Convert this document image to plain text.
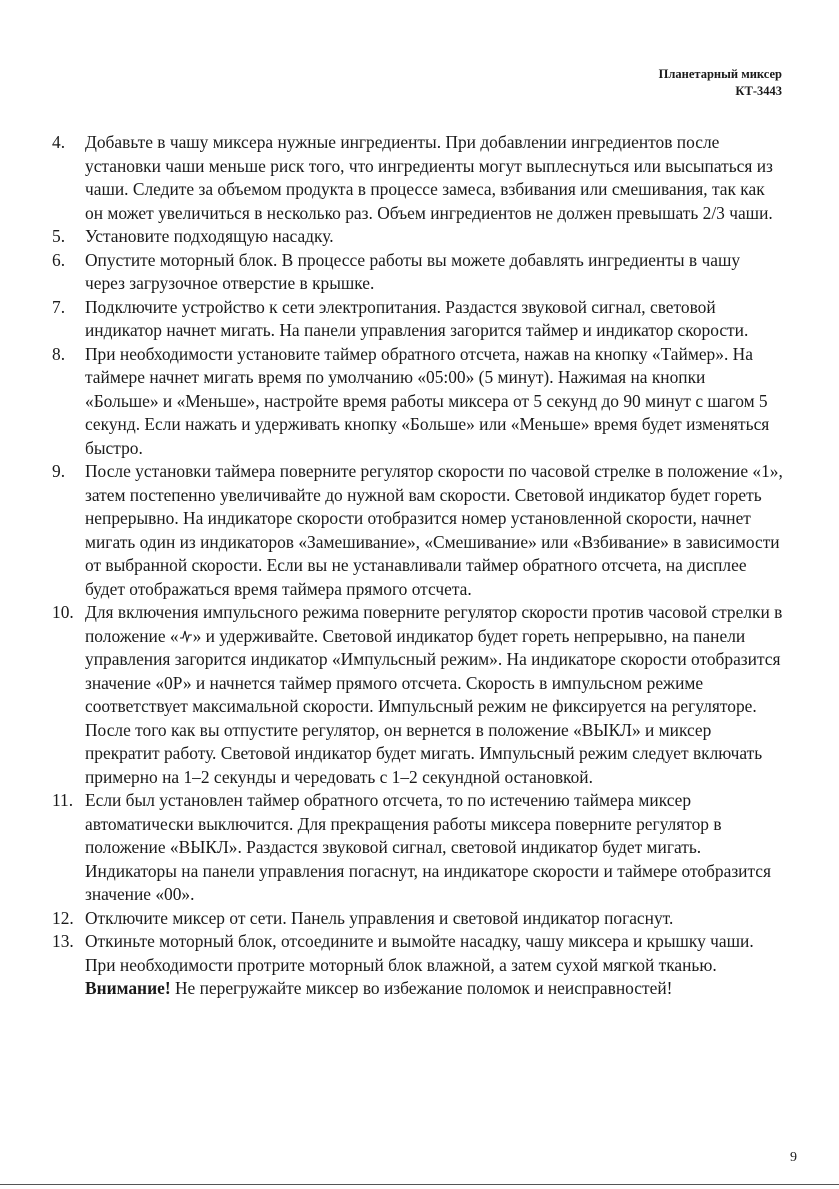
Планетарный миксер
КТ-3443
4.	Добавьте в чашу миксера нужные ингредиенты. При добавлении ингредиентов после установки чаши меньше риск того, что ингредиенты могут выплеснуться или высыпаться из чаши. Следите за объемом продукта в процессе замеса, взбивания или смешивания, так как он может увеличиться в несколько раз. Объем ингредиентов не должен превышать 2/3 чаши.
5.	Установите подходящую насадку.
6.	Опустите моторный блок. В процессе работы вы можете добавлять ингредиенты в чашу через загрузочное отверстие в крышке.
7.	Подключите устройство к сети электропитания. Раздастся звуковой сигнал, световой индикатор начнет мигать. На панели управления загорится таймер и индикатор скорости.
8.	При необходимости установите таймер обратного отсчета, нажав на кнопку «Таймер». На таймере начнет мигать время по умолчанию «05:00» (5 минут). Нажимая на кнопки «Больше» и «Меньше», настройте время работы миксера от 5 секунд до 90 минут с шагом 5 секунд. Если нажать и удерживать кнопку «Больше» или «Меньше» время будет изменяться быстро.
9.	После установки таймера поверните регулятор скорости по часовой стрелке в положение «1», затем постепенно увеличивайте до нужной вам скорости. Световой индикатор будет гореть непрерывно. На индикаторе скорости отобразится номер установленной скорости, начнет мигать один из индикаторов «Замешивание», «Смешивание» или «Взбивание» в зависимости от выбранной скорости. Если вы не устанавливали таймер обратного отсчета, на дисплее будет отображаться время таймера прямого отсчета.
10. Для включения импульсного режима поверните регулятор скорости против часовой стрелки в положение « » и удерживайте. Световой индикатор будет гореть непрерывно, на панели управления загорится индикатор «Импульсный режим». На индикаторе скорости отобразится значение «0Р» и начнется таймер прямого отсчета. Скорость в импульсном режиме соответствует максимальной скорости. Импульсный режим не фиксируется на регуляторе. После того как вы отпустите регулятор, он вернется в положение «ВЫКЛ» и миксер прекратит работу. Световой индикатор будет мигать. Импульсный режим следует включать примерно на 1–2 секунды и чередовать с 1–2 секундной остановкой.
11. Если был установлен таймер обратного отсчета, то по истечению таймера миксер автоматически выключится. Для прекращения работы миксера поверните регулятор в положение «ВЫКЛ». Раздастся звуковой сигнал, световой индикатор будет мигать. Индикаторы на панели управления погаснут, на индикаторе скорости и таймере отобразится значение «00».
12. Отключите миксер от сети. Панель управления и световой индикатор погаснут.
13. Откиньте моторный блок, отсоедините и вымойте насадку, чашу миксера и крышку чаши. При необходимости протрите моторный блок влажной, а затем сухой мягкой тканью.
Внимание! Не перегружайте миксер во избежание поломок и неисправностей!
9
